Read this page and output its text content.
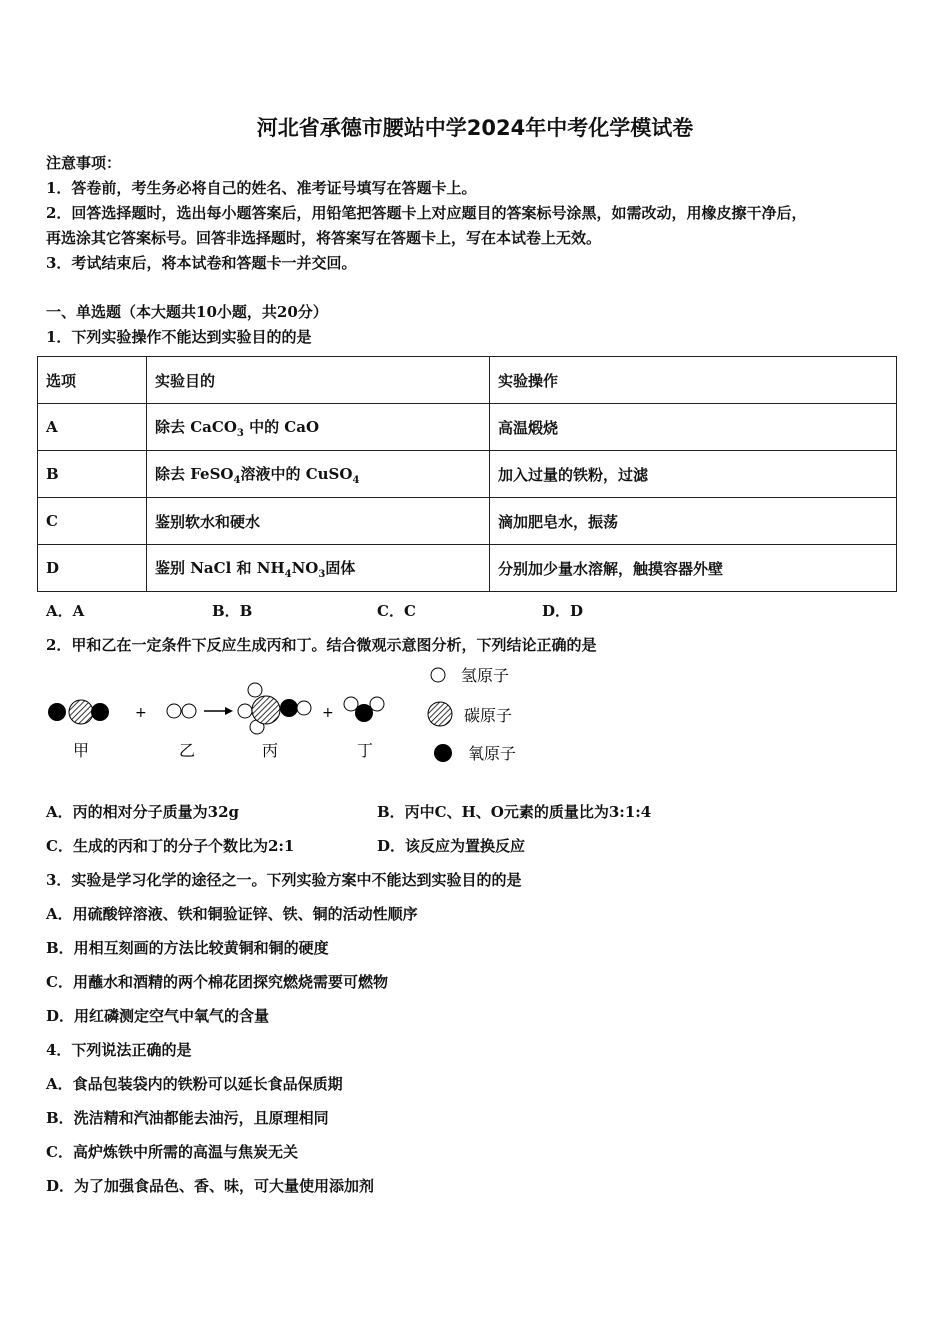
河北省承德市腰站中学2024年中考化学模试卷
注意事项：
1．答卷前，考生务必将自己的姓名、准考证号填写在答题卡上。
2．回答选择题时，选出每小题答案后，用铅笔把答题卡上对应题目的答案标号涂黑，如需改动，用橡皮擦干净后，
再选涂其它答案标号。回答非选择题时，将答案写在答题卡上，写在本试卷上无效。
3．考试结束后，将本试卷和答题卡一并交回。
一、单选题（本大题共10小题，共20分）
1．下列实验操作不能达到实验目的的是
选项	实验目的	实验操作
A	除去 CaCO$_3$ 中的 CaO	高温煅烧
B	除去 FeSO$_4$溶液中的 CuSO$_4$	加入过量的铁粉，过滤
C	鉴别软水和硬水	滴加肥皂水，振荡
D	鉴别 NaCl 和 $NH_4NO_3$固体	分别加少量水溶解，触摸容器外壁
A．A	B．B	C．C	D．D
2．甲和乙在一定条件下反应生成丙和丁。结合微观示意图分析，下列结论正确的是
+	+
甲	乙	丙	丁
氢原子
碳原子
氧原子
A．丙的相对分子质量为32g	B．丙中C、H、O元素的质量比为3:1:4
C．生成的丙和丁的分子个数比为2:1	D．该反应为置换反应
3．实验是学习化学的途径之一。下列实验方案中不能达到实验目的的是
A．用硫酸锌溶液、铁和铜验证锌、铁、铜的活动性顺序
B．用相互刻画的方法比较黄铜和铜的硬度
C．用蘸水和酒精的两个棉花团探究燃烧需要可燃物
D．用红磷测定空气中氧气的含量
4．下列说法正确的是
A．食品包装袋内的铁粉可以延长食品保质期
B．洗洁精和汽油都能去油污，且原理相同
C．高炉炼铁中所需的高温与焦炭无关
D．为了加强食品色、香、味，可大量使用添加剂
